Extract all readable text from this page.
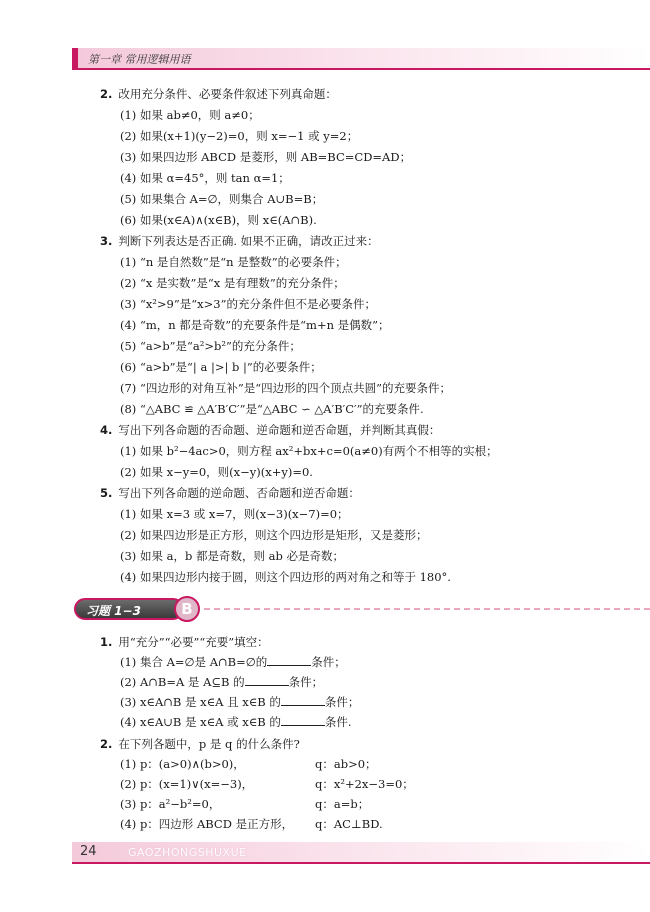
第一章 常用逻辑用语
2. 改用充分条件、必要条件叙述下列真命题：
(1) 如果 ab≠0，则 a≠0；
(2) 如果(x+1)(y−2)=0，则 x=−1 或 y=2；
(3) 如果四边形 ABCD 是菱形，则 AB=BC=CD=AD；
(4) 如果 α=45°，则 tan α=1；
(5) 如果集合 A=∅，则集合 A∪B=B；
(6) 如果(x∈A)∧(x∈B)，则 x∈(A∩B).
3. 判断下列表达是否正确. 如果不正确，请改正过来：
(1) “n 是自然数”是“n 是整数”的必要条件；
(2) “x 是实数”是“x 是有理数”的充分条件；
(3) “x²>9”是“x>3”的充分条件但不是必要条件；
(4) “m，n 都是奇数”的充要条件是“m+n 是偶数”；
(5) “a>b”是“a²>b²”的充分条件；
(6) “a>b”是“| a |>| b |”的必要条件；
(7) “四边形的对角互补”是“四边形的四个顶点共圆”的充要条件；
(8) “△ABC ≌ △A′B′C′”是“△ABC ∽ △A′B′C′”的充要条件.
4. 写出下列各命题的否命题、逆命题和逆否命题，并判断其真假：
(1) 如果 b²−4ac>0，则方程 ax²+bx+c=0(a≠0)有两个不相等的实根；
(2) 如果 x−y=0，则(x−y)(x+y)=0.
5. 写出下列各命题的逆命题、否命题和逆否命题：
(1) 如果 x=3 或 x=7，则(x−3)(x−7)=0；
(2) 如果四边形是正方形，则这个四边形是矩形，又是菱形；
(3) 如果 a，b 都是奇数，则 ab 必是奇数；
(4) 如果四边形内接于圆，则这个四边形的两对角之和等于 180°.
习题 1−3	B
1. 用“充分”“必要”“充要”填空：
(1) 集合 A=∅是 A∩B=∅的	条件；
(2) A∩B=A 是 A⊆B 的	条件；
(3) x∈A∩B 是 x∈A 且 x∈B 的	条件；
(4) x∈A∪B 是 x∈A 或 x∈B 的	条件.
2. 在下列各题中，p 是 q 的什么条件?
(1) p：(a>0)∧(b>0)，	q：ab>0；
(2) p：(x=1)∨(x=−3)，	q：x²+2x−3=0；
(3) p：a²−b²=0，	q：a=b；
(4) p：四边形 ABCD 是正方形， q：AC⊥BD.
24	GAOZHONGSHUXUE
